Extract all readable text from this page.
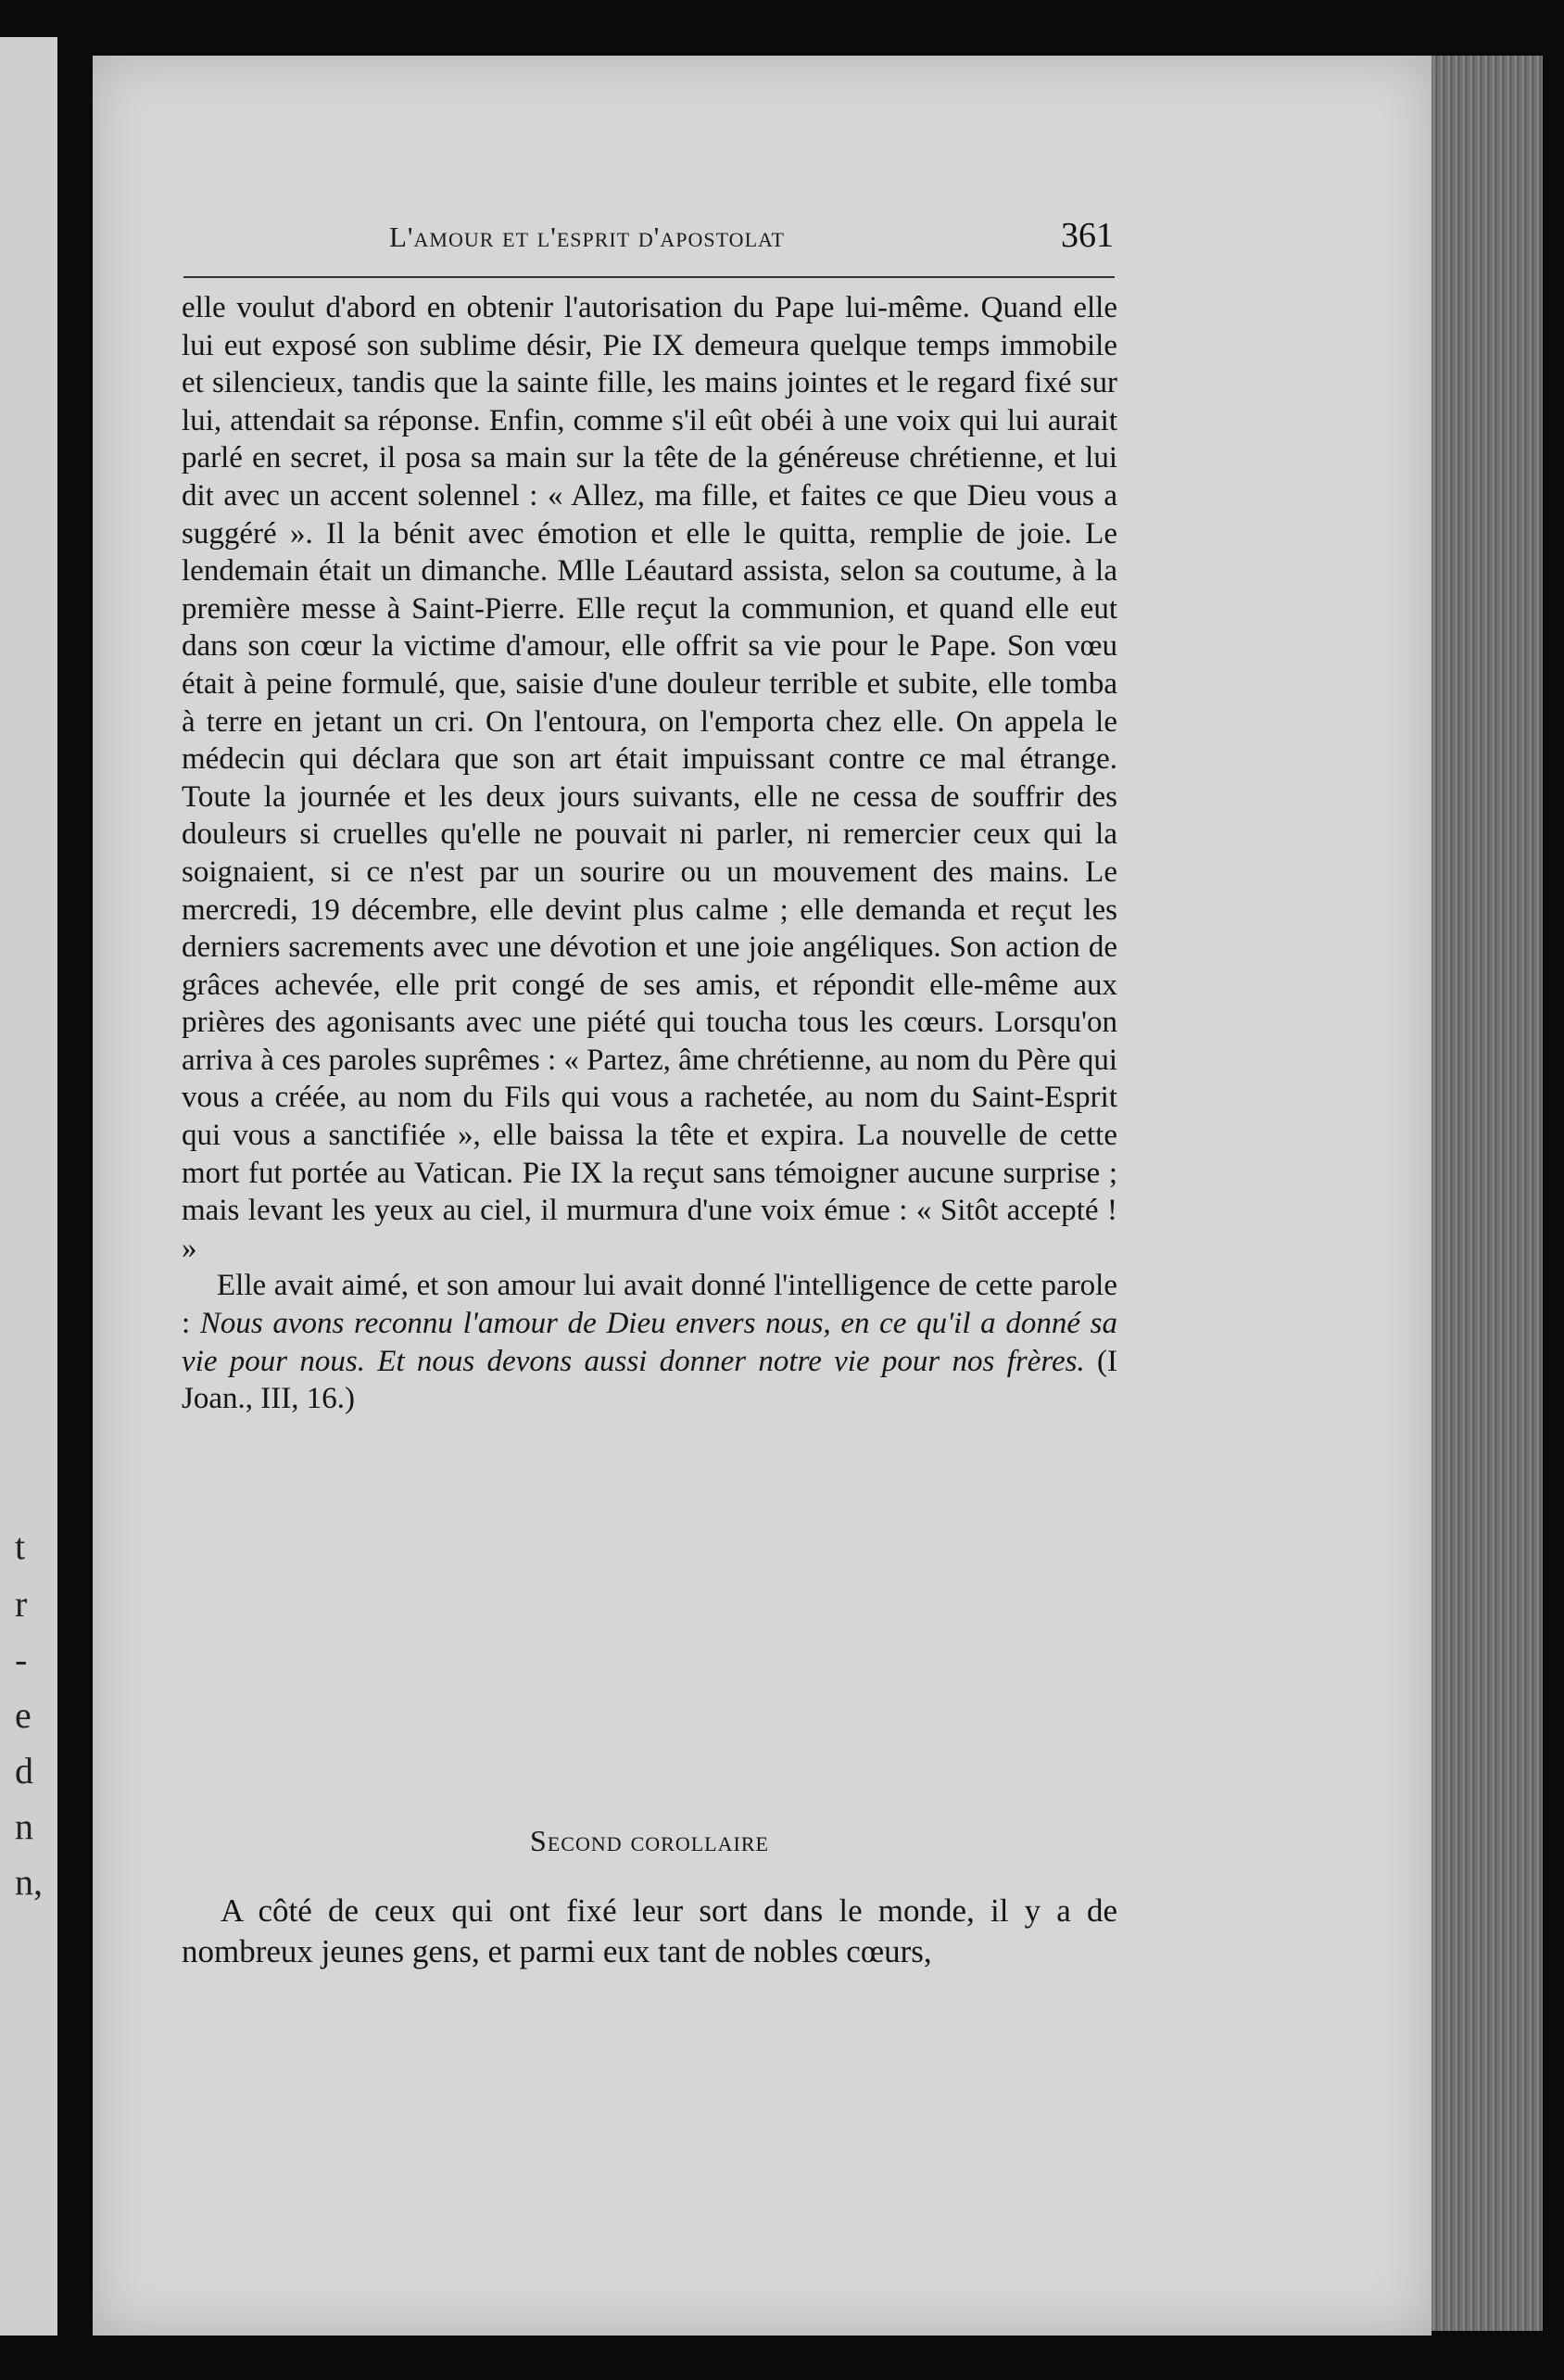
t
r
-
e
d
n
n,
L'amour et l'esprit d'apostolat	361

elle voulut d'abord en obtenir l'autorisation du Pape lui-même. Quand elle lui eut exposé son sublime désir, Pie IX demeura quelque temps immobile et silencieux, tandis que la sainte fille, les mains jointes et le regard fixé sur lui, attendait sa réponse. Enfin, comme s'il eût obéi à une voix qui lui aurait parlé en secret, il posa sa main sur la tête de la généreuse chrétienne, et lui dit avec un accent solennel : « Allez, ma fille, et faites ce que Dieu vous a suggéré ». Il la bénit avec émotion et elle le quitta, remplie de joie. Le lendemain était un dimanche. Mlle Léautard assista, selon sa coutume, à la première messe à Saint-Pierre. Elle reçut la communion, et quand elle eut dans son cœur la victime d'amour, elle offrit sa vie pour le Pape. Son vœu était à peine formulé, que, saisie d'une douleur terrible et subite, elle tomba à terre en jetant un cri. On l'entoura, on l'emporta chez elle. On appela le médecin qui déclara que son art était impuissant contre ce mal étrange. Toute la journée et les deux jours suivants, elle ne cessa de souffrir des douleurs si cruelles qu'elle ne pouvait ni parler, ni remercier ceux qui la soignaient, si ce n'est par un sourire ou un mouvement des mains. Le mercredi, 19 décembre, elle devint plus calme ; elle demanda et reçut les derniers sacrements avec une dévotion et une joie angéliques. Son action de grâces achevée, elle prit congé de ses amis, et répondit elle-même aux prières des agonisants avec une piété qui toucha tous les cœurs. Lorsqu'on arriva à ces paroles suprêmes : « Partez, âme chrétienne, au nom du Père qui vous a créée, au nom du Fils qui vous a rachetée, au nom du Saint-Esprit qui vous a sanctifiée », elle baissa la tête et expira. La nouvelle de cette mort fut portée au Vatican. Pie IX la reçut sans témoigner aucune surprise ; mais levant les yeux au ciel, il murmura d'une voix émue : « Sitôt accepté ! »

Elle avait aimé, et son amour lui avait donné l'intelligence de cette parole : Nous avons reconnu l'amour de Dieu envers nous, en ce qu'il a donné sa vie pour nous. Et nous devons aussi donner notre vie pour nos frères. (I Joan., III, 16.)

Second corollaire

A côté de ceux qui ont fixé leur sort dans le monde, il y a de nombreux jeunes gens, et parmi eux tant de nobles cœurs,
